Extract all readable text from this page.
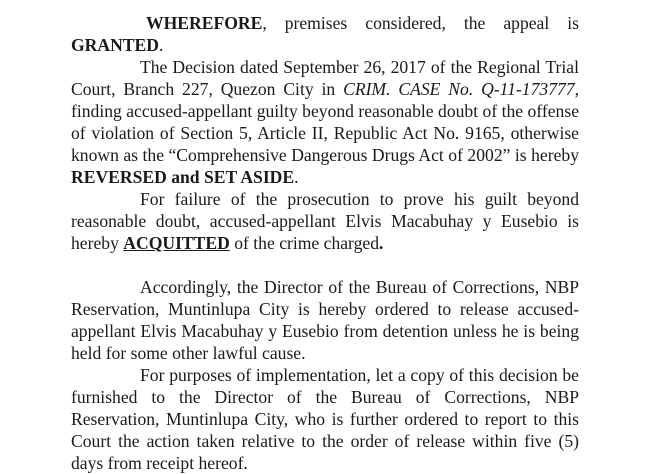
WHEREFORE, premises considered, the appeal is GRANTED.

The Decision dated September 26, 2017 of the Regional Trial Court, Branch 227, Quezon City in CRIM. CASE No. Q-11-173777, finding accused-appellant guilty beyond reasonable doubt of the offense of violation of Section 5, Article II, Republic Act No. 9165, otherwise known as the “Comprehensive Dangerous Drugs Act of 2002” is hereby REVERSED and SET ASIDE.

For failure of the prosecution to prove his guilt beyond reasonable doubt, accused-appellant Elvis Macabuhay y Eusebio is hereby ACQUITTED of the crime charged.

Accordingly, the Director of the Bureau of Corrections, NBP Reservation, Muntinlupa City is hereby ordered to release accused-appellant Elvis Macabuhay y Eusebio from detention unless he is being held for some other lawful cause.

For purposes of implementation, let a copy of this decision be furnished to the Director of the Bureau of Corrections, NBP Reservation, Muntinlupa City, who is further ordered to report to this Court the action taken relative to the order of release within five (5) days from receipt hereof.
